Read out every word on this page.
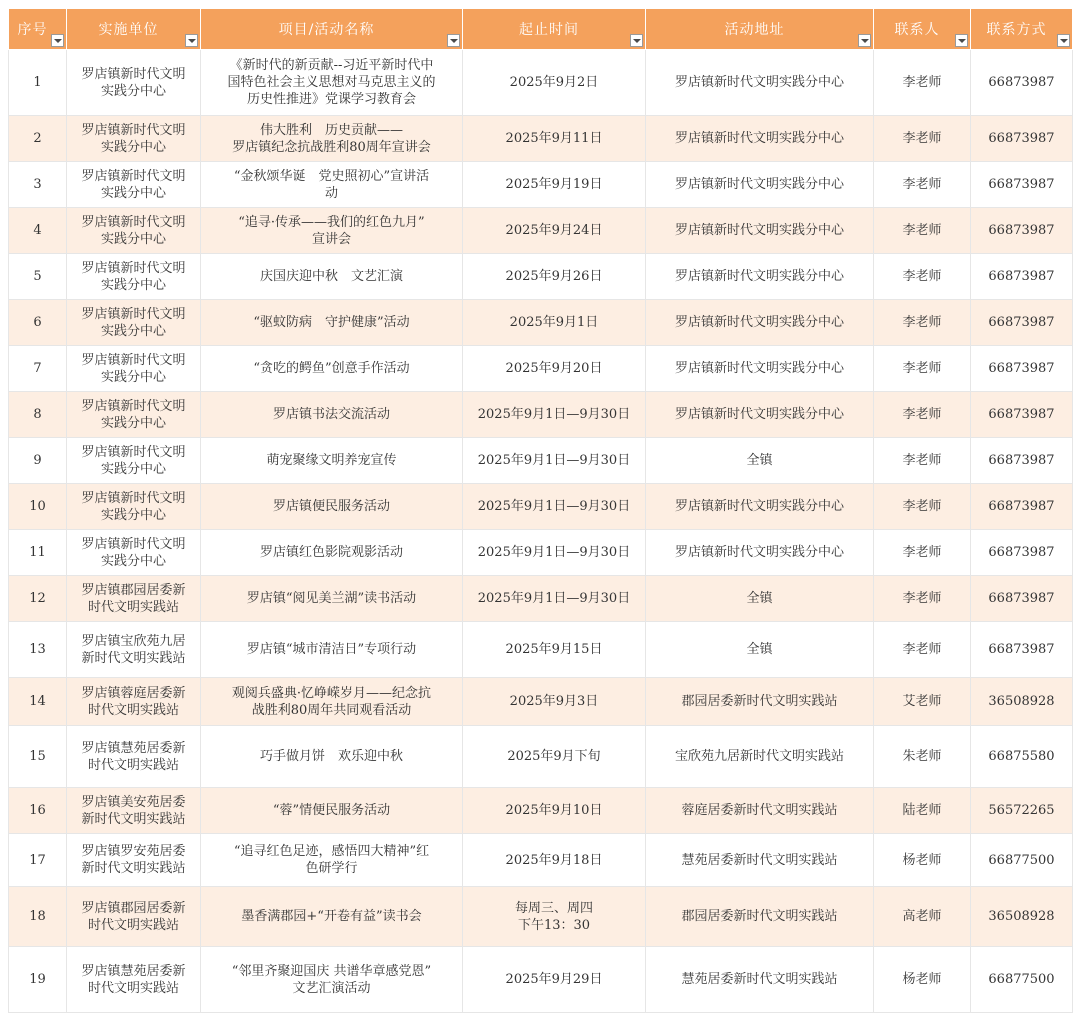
序号	实施单位	项目/活动名称	起止时间	活动地址	联系人	联系方式

1	罗店镇新时代文明
实践分中心	《新时代的新贡献--习近平新时代中
国特色社会主义思想对马克思主义的
历史性推进》党课学习教育会	2025年9月2日	罗店镇新时代文明实践分中心	李老师	66873987
2	罗店镇新时代文明
实践分中心	伟大胜利　历史贡献——
罗店镇纪念抗战胜利80周年宣讲会	2025年9月11日	罗店镇新时代文明实践分中心	李老师	66873987
3	罗店镇新时代文明
实践分中心	“金秋颂华诞　党史照初心”宣讲活
动	2025年9月19日	罗店镇新时代文明实践分中心	李老师	66873987
4	罗店镇新时代文明
实践分中心	“追寻·传承——我们的红色九月”
宣讲会	2025年9月24日	罗店镇新时代文明实践分中心	李老师	66873987
5	罗店镇新时代文明
实践分中心	庆国庆迎中秋　文艺汇演	2025年9月26日	罗店镇新时代文明实践分中心	李老师	66873987
6	罗店镇新时代文明
实践分中心	“驱蚊防病　守护健康”活动	2025年9月1日	罗店镇新时代文明实践分中心	李老师	66873987
7	罗店镇新时代文明
实践分中心	“贪吃的鳄鱼”创意手作活动	2025年9月20日	罗店镇新时代文明实践分中心	李老师	66873987
8	罗店镇新时代文明
实践分中心	罗店镇书法交流活动	2025年9月1日—9月30日	罗店镇新时代文明实践分中心	李老师	66873987
9	罗店镇新时代文明
实践分中心	萌宠聚缘文明养宠宣传	2025年9月1日—9月30日	全镇	李老师	66873987
10	罗店镇新时代文明
实践分中心	罗店镇便民服务活动	2025年9月1日—9月30日	罗店镇新时代文明实践分中心	李老师	66873987
11	罗店镇新时代文明
实践分中心	罗店镇红色影院观影活动	2025年9月1日—9月30日	罗店镇新时代文明实践分中心	李老师	66873987
12	罗店镇郡园居委新
时代文明实践站	罗店镇“阅见美兰湖”读书活动	2025年9月1日—9月30日	全镇	李老师	66873987
13	罗店镇宝欣苑九居
新时代文明实践站	罗店镇“城市清洁日”专项行动	2025年9月15日	全镇	李老师	66873987
14	罗店镇蓉庭居委新
时代文明实践站	观阅兵盛典·忆峥嵘岁月——纪念抗
战胜利80周年共同观看活动	2025年9月3日	郡园居委新时代文明实践站	艾老师	36508928
15	罗店镇慧苑居委新
时代文明实践站	巧手做月饼　欢乐迎中秋	2025年9月下旬	宝欣苑九居新时代文明实践站	朱老师	66875580
16	罗店镇美安苑居委
新时代文明实践站	“蓉”情便民服务活动	2025年9月10日	蓉庭居委新时代文明实践站	陆老师	56572265
17	罗店镇罗安苑居委
新时代文明实践站	“追寻红色足迹，感悟四大精神”红
色研学行	2025年9月18日	慧苑居委新时代文明实践站	杨老师	66877500
18	罗店镇郡园居委新
时代文明实践站	墨香满郡园+“开卷有益”读书会	每周三、周四
下午13：30	郡园居委新时代文明实践站	高老师	36508928
19	罗店镇慧苑居委新
时代文明实践站	“邻里齐聚迎国庆 共谱华章感党恩”
文艺汇演活动	2025年9月29日	慧苑居委新时代文明实践站	杨老师	66877500
